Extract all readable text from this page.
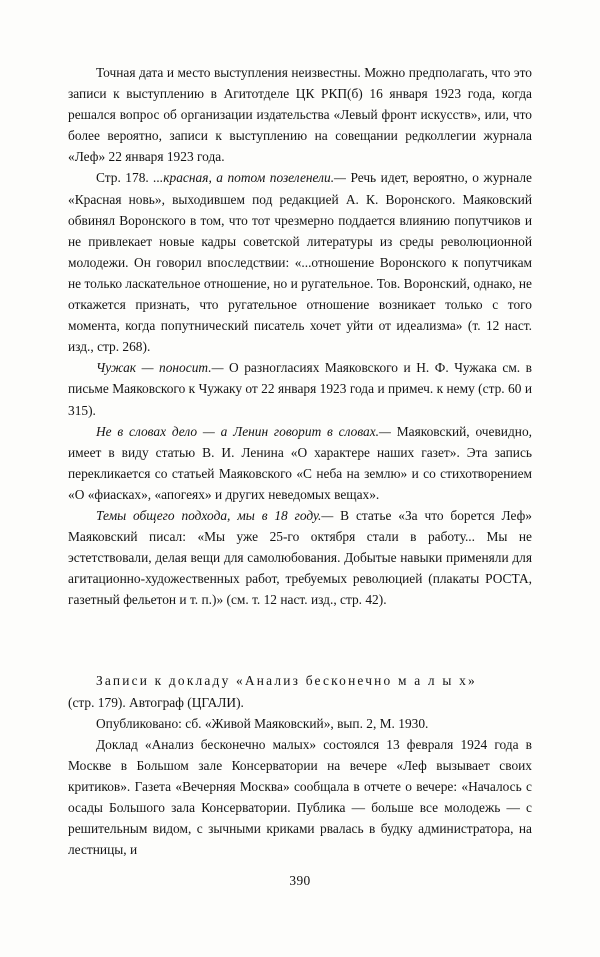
Точная дата и место выступления неизвестны. Можно предполагать, что это записи к выступлению в Агитотделе ЦК РКП(б) 16 января 1923 года, когда решался вопрос об организации издательства «Левый фронт искусств», или, что более вероятно, записи к выступлению на совещании редколлегии журнала «Леф» 22 января 1923 года.

Стр. 178. ...красная, а потом позеленели.— Речь идет, вероятно, о журнале «Красная новь», выходившем под редакцией А. К. Воронского. Маяковский обвинял Воронского в том, что тот чрезмерно поддается влиянию попутчиков и не привлекает новые кадры советской литературы из среды революционной молодежи. Он говорил впоследствии: «...отношение Воронского к попутчикам не только ласкательное отношение, но и ругательное. Тов. Воронский, однако, не откажется признать, что ругательное отношение возникает только с того момента, когда попутнический писатель хочет уйти от идеализма» (т. 12 наст. изд., стр. 268).

Чужак — поносит.— О разногласиях Маяковского и Н. Ф. Чужака см. в письме Маяковского к Чужаку от 22 января 1923 года и примеч. к нему (стр. 60 и 315).

Не в словах дело — а Ленин говорит в словах.— Маяковский, очевидно, имеет в виду статью В. И. Ленина «О характере наших газет». Эта запись перекликается со статьей Маяковского «С неба на землю» и со стихотворением «О «фиасках», «апогеях» и других неведомых вещах».

Темы общего подхода, мы в 18 году.— В статье «За что борется Леф» Маяковский писал: «Мы уже 25-го октября стали в работу... Мы не эстетствовали, делая вещи для самолюбования. Добытые навыки применяли для агитационно-художественных работ, требуемых революцией (плакаты РОСТА, газетный фельетон и т. п.)» (см. т. 12 наст. изд., стр. 42).

Записи к докладу «Анализ бесконечно м а л ы х»

(стр. 179). Автограф (ЦГАЛИ).

Опубликовано: сб. «Живой Маяковский», вып. 2, М. 1930.

Доклад «Анализ бесконечно малых» состоялся 13 февраля 1924 года в Москве в Большом зале Консерватории на вечере «Леф вызывает своих критиков». Газета «Вечерняя Москва» сообщала в отчете о вечере: «Началось с осады Большого зала Консерватории. Публика — больше все молодежь — с решительным видом, с зычными криками рвалась в будку администратора, на лестницы, и

390
